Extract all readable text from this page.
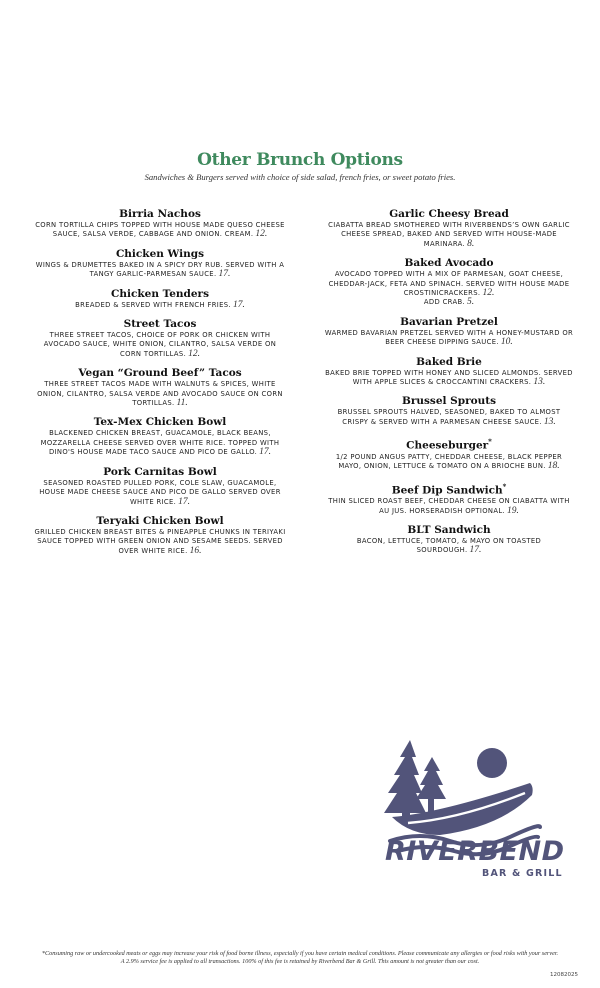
Other Brunch Options
Sandwiches & Burgers served with choice of side salad, french fries, or sweet potato fries.
Birria Nachos
CORN TORTILLA CHIPS TOPPED WITH HOUSE MADE QUESO CHEESE SAUCE, SALSA VERDE, CABBAGE AND ONION. CREAM. 12.
Chicken Wings
WINGS & DRUMETTES BAKED IN A SPICY DRY RUB. SERVED WITH A TANGY GARLIC-PARMESAN SAUCE. 17.
Chicken Tenders
BREADED & SERVED WITH FRENCH FRIES. 17.
Street Tacos
THREE STREET TACOS, CHOICE OF PORK OR CHICKEN WITH AVOCADO SAUCE, WHITE ONION, CILANTRO, SALSA VERDE ON CORN TORTILLAS. 12.
Vegan “Ground Beef” Tacos
THREE STREET TACOS MADE WITH WALNUTS & SPICES, WHITE ONION, CILANTRO, SALSA VERDE AND AVOCADO SAUCE ON CORN TORTILLAS. 11.
Tex-Mex Chicken Bowl
BLACKENED CHICKEN BREAST, GUACAMOLE, BLACK BEANS, MOZZARELLA CHEESE SERVED OVER WHITE RICE. TOPPED WITH DINO'S HOUSE MADE TACO SAUCE AND PICO DE GALLO. 17.
Pork Carnitas Bowl
SEASONED ROASTED PULLED PORK, COLE SLAW, GUACAMOLE, HOUSE MADE CHEESE SAUCE AND PICO DE GALLO SERVED OVER WHITE RICE. 17.
Teryaki Chicken Bowl
GRILLED CHICKEN BREAST BITES & PINEAPPLE CHUNKS IN TERIYAKI SAUCE TOPPED WITH GREEN ONION AND SESAME SEEDS. SERVED OVER WHITE RICE. 16.
Garlic Cheesy Bread
CIABATTA BREAD SMOTHERED WITH RIVERBENDS’S OWN GARLIC CHEESE SPREAD, BAKED AND SERVED WITH HOUSE-MADE MARINARA. 8.
Baked Avocado
AVOCADO TOPPED WITH A MIX OF PARMESAN, GOAT CHEESE, CHEDDAR-JACK, FETA AND SPINACH. SERVED WITH HOUSE MADE CROSTINICRACKERS. 12.
ADD CRAB. 5.
Bavarian Pretzel
WARMED BAVARIAN PRETZEL SERVED WITH A HONEY-MUSTARD OR BEER CHEESE DIPPING SAUCE. 10.
Baked Brie
BAKED BRIE TOPPED WITH HONEY AND SLICED ALMONDS. SERVED WITH APPLE SLICES & CROCCANTINI CRACKERS. 13.
Brussel Sprouts
BRUSSEL SPROUTS HALVED, SEASONED, BAKED TO ALMOST CRISPY & SERVED WITH A PARMESAN CHEESE SAUCE. 13.
Cheeseburger*
1/2 POUND ANGUS PATTY, CHEDDAR CHEESE, BLACK PEPPER MAYO, ONION, LETTUCE & TOMATO ON A BRIOCHE BUN. 18.
Beef Dip Sandwich*
THIN SLICED ROAST BEEF, CHEDDAR CHEESE ON CIABATTA WITH AU JUS. HORSERADISH OPTIONAL. 19.
BLT Sandwich
BACON, LETTUCE, TOMATO, & MAYO ON TOASTED SOURDOUGH. 17.
RIVERBEND
BAR & GRILL
*Consuming raw or undercooked meats or eggs may increase your risk of food borne illness, especially if you have certain medical conditions. Please communicate any allergies or food risks with your server.
A 2.9% service fee is applied to all transactions. 100% of this fee is retained by Riverbend Bar & Grill. This amount is not greater than our cost.
12082025
